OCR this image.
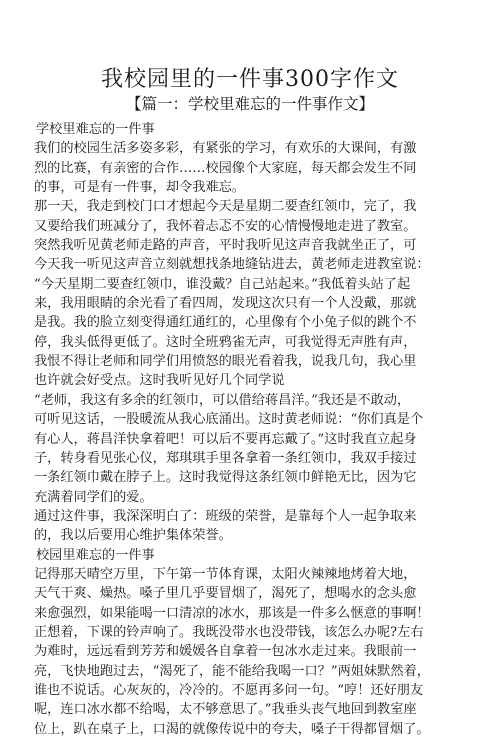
我校园里的一件事300字作文
【篇一：学校里难忘的一件事作文】

学校里难忘的一件事

我们的校园生活多姿多彩，有紧张的学习，有欢乐的大课间，有激

烈的比赛，有亲密的合作……校园像个大家庭，每天都会发生不同

的事，可是有一件事，却令我难忘。

那一天，我走到校门口才想起今天是星期二要查红领巾，完了，我

又要给我们班减分了，我怀着忐忑不安的心情慢慢地走进了教室。

突然我听见黄老师走路的声音，平时我听见这声音我就坐正了，可

今天我一听见这声音立刻就想找条地缝钻进去，黄老师走进教室说：

“今天星期二要查红领巾，谁没戴？自己站起来。”我低着头站了起

来，我用眼睛的余光看了看四周，发现这次只有一个人没戴，那就

是我。我的脸立刻变得通红通红的，心里像有个小兔子似的跳个不

停，我头低得更低了。这时全班鸦雀无声，可我觉得无声胜有声，

我恨不得让老师和同学们用愤怒的眼光看着我，说我几句，我心里

也许就会好受点。这时我听见好几个同学说

“老师，我这有多余的红领巾，可以借给蒋昌洋。”我还是不敢动，

可听见这话，一股暖流从我心底涌出。这时黄老师说：“你们真是个

有心人，蒋昌洋快拿着吧！可以后不要再忘戴了。”这时我直立起身

子，转身看见张心仪，郑琪琪手里各拿着一条红领巾，我双手接过

一条红领巾戴在脖子上。这时我觉得这条红领巾鲜艳无比，因为它

充满着同学们的爱。

通过这件事，我深深明白了：班级的荣誉，是靠每个人一起争取来

的，我以后要用心维护集体荣誉。

校园里难忘的一件事

记得那天晴空万里，下午第一节体育课，太阳火辣辣地烤着大地，

天气干爽、燥热。嗓子里几乎要冒烟了，渴死了，想喝水的念头愈

来愈强烈，如果能喝一口清凉的冰水，那该是一件多么惬意的事啊！

正想着，下课的铃声响了。我既没带水也没带钱，该怎么办呢?左右

为难时，远远看到芳芳和媛媛各自拿着一包冰水走过来。我眼前一

亮，飞快地跑过去，“渴死了，能不能给我喝一口？”两姐妹默然着，

谁也不说话。心灰灰的，冷冷的。不愿再多问一句。“哼！还好朋友

呢，连口冰水都不给喝，太不够意思了。”我垂头丧气地回到教室座

位上，趴在桌子上，口渴的就像传说中的夸夫，嗓子干得都冒烟了。
